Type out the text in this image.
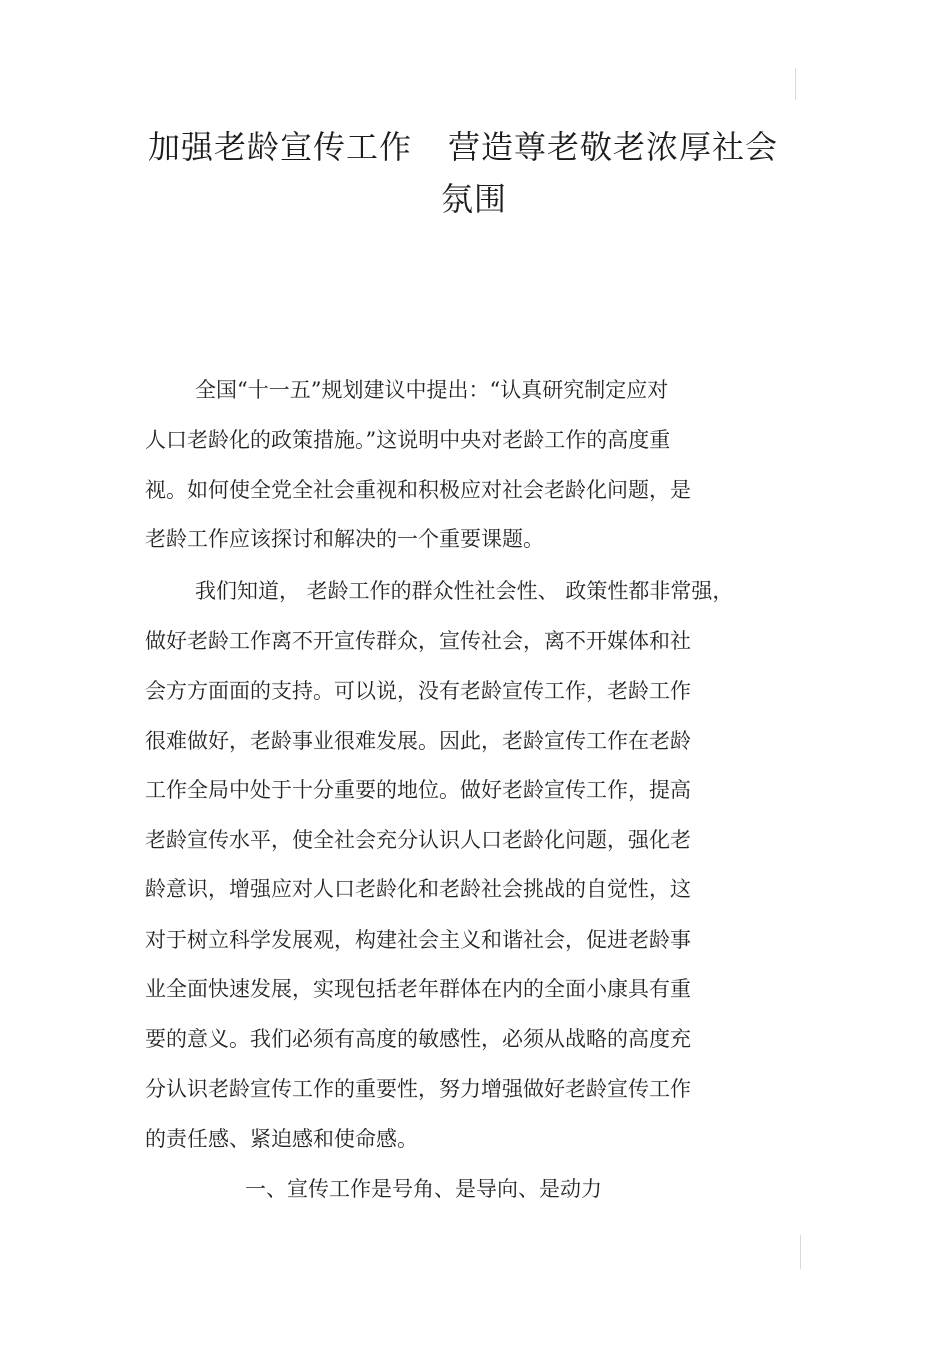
加强老龄宣传工作 营造尊老敬老浓厚社会
氛围
全国“十一五”规划建议中提出：“认真研究制定应对
人口老龄化的政策措施。”这说明中央对老龄工作的高度重
视。如何使全党全社会重视和积极应对社会老龄化问题，是
老龄工作应该探讨和解决的一个重要课题。
我们知道， 老龄工作的群众性社会性、 政策性都非常强，
做好老龄工作离不开宣传群众，宣传社会，离不开媒体和社
会方方面面的支持。可以说，没有老龄宣传工作，老龄工作
很难做好，老龄事业很难发展。因此，老龄宣传工作在老龄
工作全局中处于十分重要的地位。做好老龄宣传工作，提高
老龄宣传水平，使全社会充分认识人口老龄化问题，强化老
龄意识，增强应对人口老龄化和老龄社会挑战的自觉性，这
对于树立科学发展观，构建社会主义和谐社会，促进老龄事
业全面快速发展，实现包括老年群体在内的全面小康具有重
要的意义。我们必须有高度的敏感性，必须从战略的高度充
分认识老龄宣传工作的重要性，努力增强做好老龄宣传工作
的责任感、紧迫感和使命感。
一、宣传工作是号角、是导向、是动力
